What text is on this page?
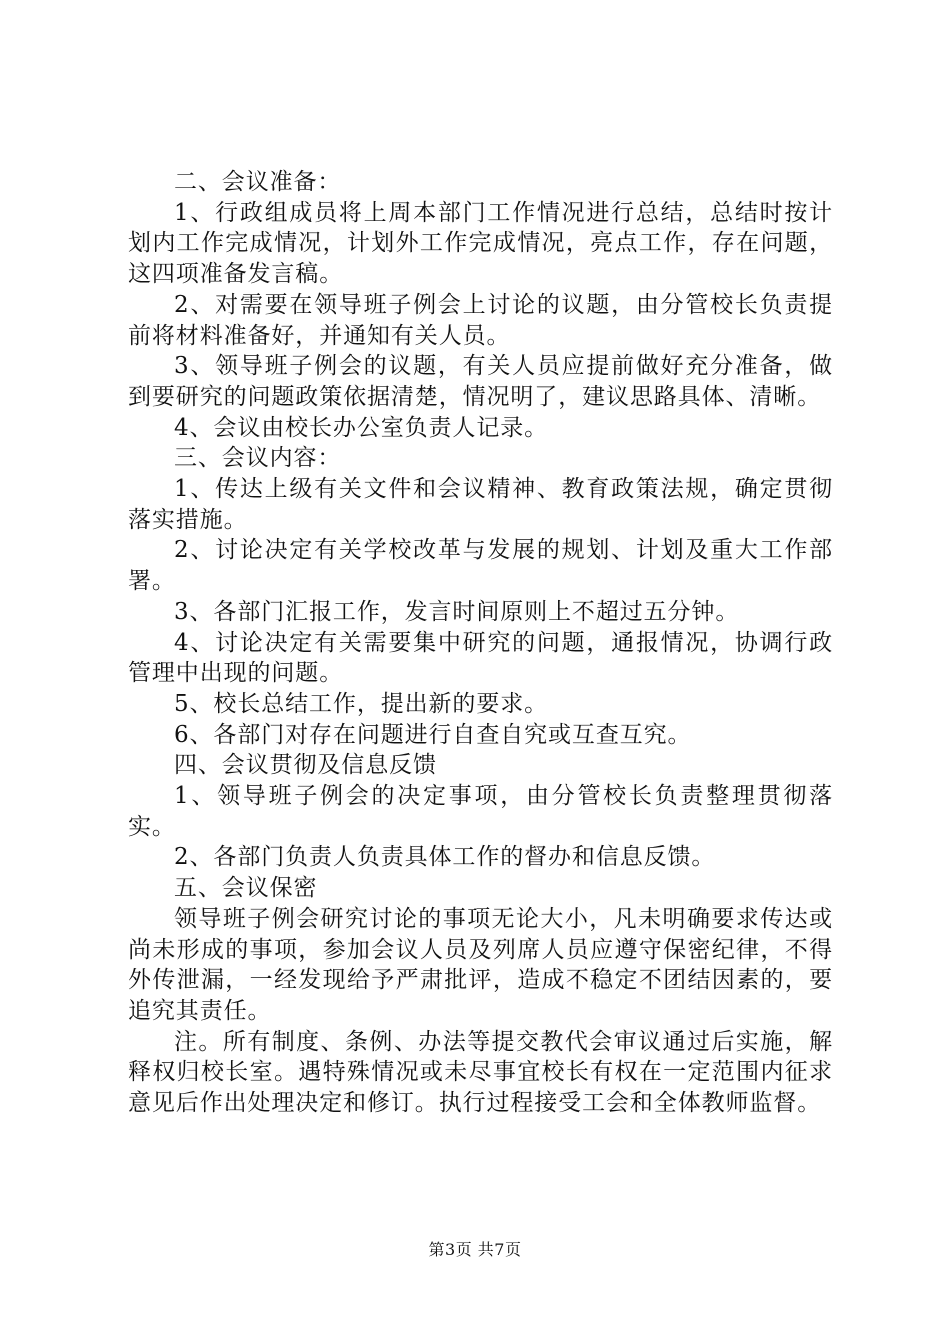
二、会议准备：

1、行政组成员将上周本部门工作情况进行总结，总结时按计划内工作完成情况，计划外工作完成情况，亮点工作，存在问题，这四项准备发言稿。

2、对需要在领导班子例会上讨论的议题，由分管校长负责提前将材料准备好，并通知有关人员。

3、领导班子例会的议题，有关人员应提前做好充分准备，做到要研究的问题政策依据清楚，情况明了，建议思路具体、清晰。

4、会议由校长办公室负责人记录。

三、会议内容：

1、传达上级有关文件和会议精神、教育政策法规，确定贯彻落实措施。

2、讨论决定有关学校改革与发展的规划、计划及重大工作部署。

3、各部门汇报工作，发言时间原则上不超过五分钟。

4、讨论决定有关需要集中研究的问题，通报情况，协调行政管理中出现的问题。

5、校长总结工作，提出新的要求。

6、各部门对存在问题进行自查自究或互查互究。

四、会议贯彻及信息反馈

1、领导班子例会的决定事项，由分管校长负责整理贯彻落实。

2、各部门负责人负责具体工作的督办和信息反馈。

五、会议保密

领导班子例会研究讨论的事项无论大小，凡未明确要求传达或尚未形成的事项，参加会议人员及列席人员应遵守保密纪律，不得外传泄漏，一经发现给予严肃批评，造成不稳定不团结因素的，要追究其责任。

注。所有制度、条例、办法等提交教代会审议通过后实施，解释权归校长室。遇特殊情况或未尽事宜校长有权在一定范围内征求意见后作出处理决定和修订。执行过程接受工会和全体教师监督。

第3页 共7页
